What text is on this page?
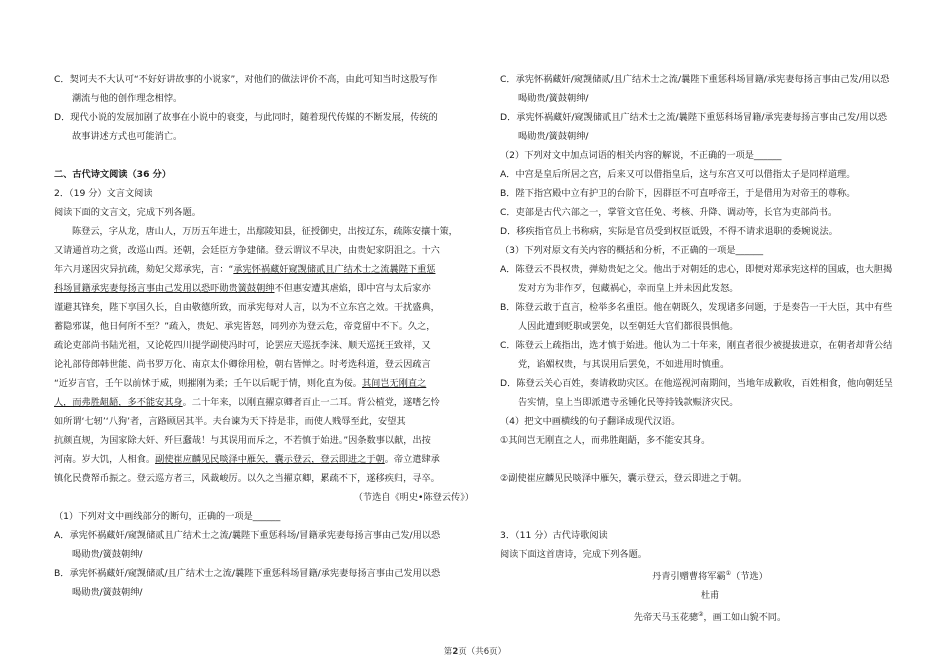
C．契诃夫不大认可“不好好讲故事的小说家”，对他们的做法评价不高，由此可知当时这股写作

潮流与他的创作理念相悖。

D．现代小说的发展加剧了故事在小说中的衰变，与此同时，随着现代传媒的不断发展，传统的

故事讲述方式也可能消亡。

二、古代诗文阅读（36 分）

2．（19 分）文言文阅读

阅读下面的文言文，完成下列各题。

陈登云，字从龙，唐山人，万历五年进士，出鄢陵知县，征授御史，出按辽东，疏陈安攘十策，

又请通首功之赏，改巡山西。还朝，会廷臣方争建储。登云谓议不早决，由贵妃家阴沮之。十六

年六月遂因灾异抗疏，劾妃父郑承宪，言：“承宪怀祸藏奸窥觊储贰且广结术士之流曩陛下重惩

科场冒籍承宪妻每扬言事由己发用以恐吓勋贵簧鼓朝绅不但惠安遭其虐焰，即中宫与太后家亦

谨避其锋矣，陛下享国久长，自由敬德所致，而承宪每对人言，以为不立东宫之效。干扰盛典，

蓄隐邪谋，他日何所不至？”疏入，贵妃、承宪皆怒，同列亦为登云危，帝竟留中不下。久之，

疏论吏部尚书陆光祖，又论乾四川提学副使冯时可，论罢应天巡抚李涞、顺天巡抚王致祥，又

论礼部侍郎韩世能、尚书罗万化、南京太仆卿徐用检，朝右皆惮之。时考选科道，登云因疏言

“近岁言官，壬午以前怵于威，则摧刚为柔；壬午以后昵于情，则化直为佞。其间岂无刚直之

人，而弗胜龃龉，多不能安其身。二十年来，以刚直擢京卿者百止一二耳。背公植党，遂嗜乞怜

如所谓‘七轫’‘八狗’者，言路顾居其半。夫台谏为天下持是非，而使人贱辱至此，安望其

抗颜直规，为国家除大奸、歼巨蠢哉！与其误用而斥之，不若慎于始进。”因条数事以献，出按

河南。岁大饥，人相食。副使崔应麟见民啖泽中雁矢，囊示登云，登云即进之于朝。帝立遣肆承

镇化民费帑币振之。登云巡方者三，风裁峻厉。以久之当擢京卿，累疏不下，遂移疾归，寻卒。

（节选自《明史•陈登云传》）

（1）下列对文中画线部分的断句，正确的一项是______

A．承宪怀祸藏奸/窥觊储贰且广结术士之流/曩陛下重惩科场/冒籍承宪妻每扬言事由己发/用以恐

喝勋贵/簧鼓朝绅/

B．承宪怀祸藏奸/窥觊储贰/且广结术士之流/曩陛下重惩科场冒籍/承宪妻每扬言事由己发用以恐

喝勋贵/簧鼓朝绅/

C．承宪怀祸藏奸/窥觊储贰/且广结术士之流/曩陛下重惩科场冒籍/承宪妻每扬言事由己发/用以恐

喝勋贵/簧鼓朝绅/

D．承宪怀祸藏奸/窥觊储贰且广结术士之流/曩陛下重惩科场冒籍/承宪妻每扬言事由己发/用以恐

喝勋贵/簧鼓朝绅/

（2）下列对文中加点词语的相关内容的解说，不正确的一项是______

A．中宫是皇后所居之宫，后来又可以借指皇后，这与东宫又可以借指太子是同样道理。

B．陛下指宫殿中立有护卫的台阶下，因群臣不可直呼帝王，于是借用为对帝王的尊称。

C．吏部是古代六部之一，掌管文官任免、考核、升降、调动等，长官为吏部尚书。

D．移疾指官员上书称病，实际是官员受到权臣诋毁，不得不请求退职的委婉说法。

（3）下列对原文有关内容的概括和分析，不正确的一项是______

A．陈登云不畏权贵，弹劾贵妃之父。他出于对朝廷的忠心，即便对郑承宪这样的国戚，也大胆揭

发对方为非作歹，包藏祸心，幸而皇上并未因此发怒。

B．陈登云敢于直言，检举多名重臣。他在朝既久，发现诸多问题，于是奏告一干大臣，其中有些

人因此遭到贬职或罢免，以至朝廷大官们都很畏惧他。

C．陈登云上疏指出，选才慎于始进。他认为二十年来，刚直者很少被提拔进京，在朝者却背公结

党，谄媚权贵，与其误用后罢免，不如进用时慎重。

D．陈登云关心百姓，奏请救助灾区。在他巡视河南期间，当地年成歉收，百姓相食，他向朝廷呈

告实情，皇上当即派遣寺丞锺化民等持钱款赈济灾民。

（4）把文中画横线的句子翻译成现代汉语。

①其间岂无刚直之人，而弗胜龃龉，多不能安其身。

②副使崔应麟见民啖泽中雁矢，囊示登云，登云即进之于朝。

3．（11 分）古代诗歌阅读

阅读下面这首唐诗，完成下列各题。

丹青引赠曹将军霸①（节选）

杜甫

先帝天马玉花骢②，画工如山貌不同。

第2页（共6页）
